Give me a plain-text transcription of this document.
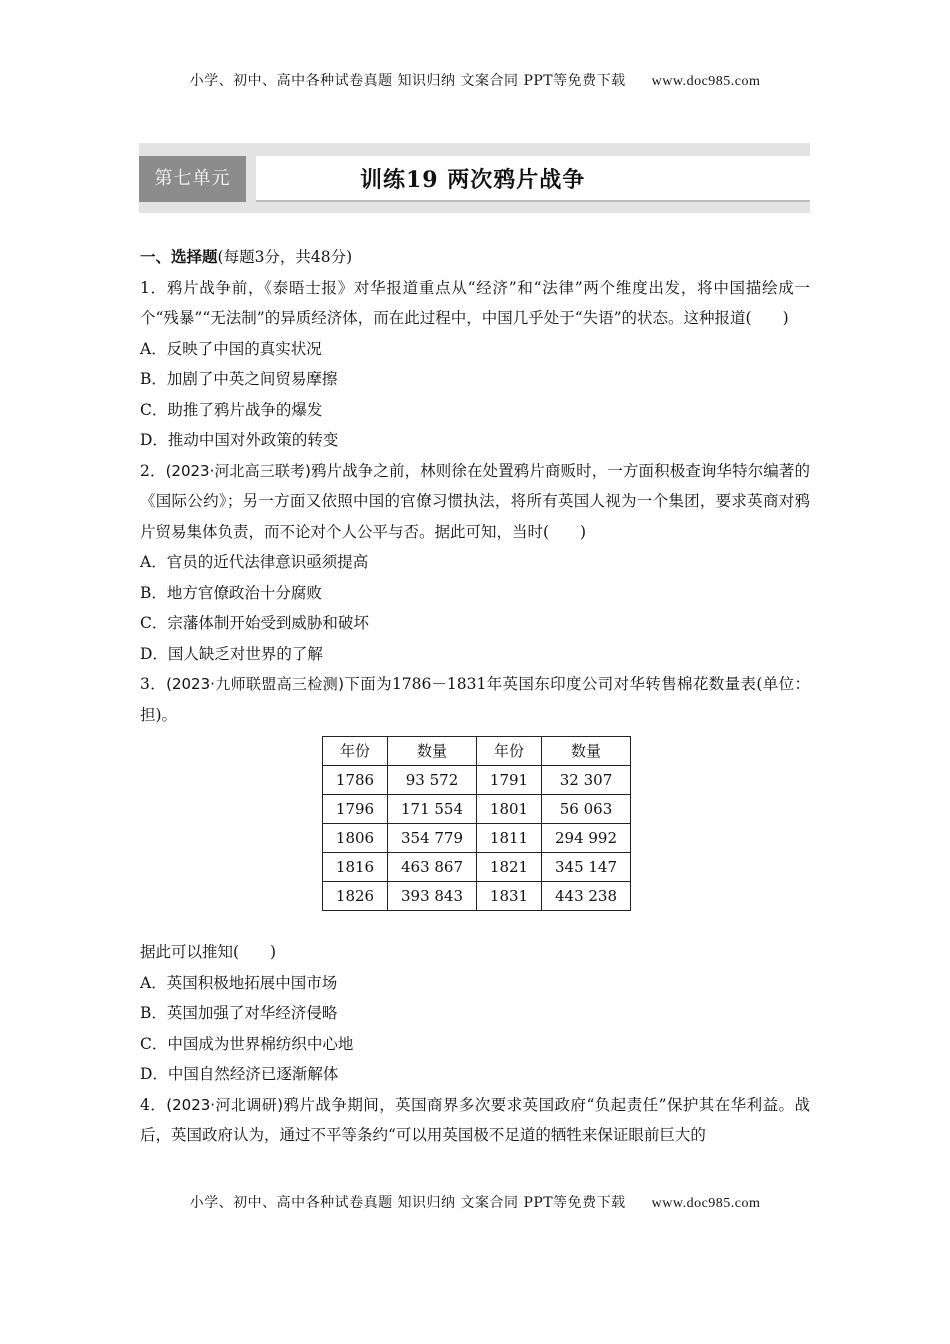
小学、初中、高中各种试卷真题 知识归纳 文案合同 PPT等免费下载 www.doc985.com
第七单元	训练19 两次鸦片战争

一、选择题(每题3分，共48分)

1．鸦片战争前，《泰晤士报》对华报道重点从“经济”和“法律”两个维度出发，将中国描绘成一个“残暴”“无法制”的异质经济体，而在此过程中，中国几乎处于“失语”的状态。这种报道(　　)

A．反映了中国的真实状况

B．加剧了中英之间贸易摩擦

C．助推了鸦片战争的爆发

D．推动中国对外政策的转变

2．(2023·河北高三联考)鸦片战争之前，林则徐在处置鸦片商贩时，一方面积极查询华特尔编著的《国际公约》；另一方面又依照中国的官僚习惯执法，将所有英国人视为一个集团，要求英商对鸦片贸易集体负责，而不论对个人公平与否。据此可知，当时(　　)

A．官员的近代法律意识亟须提高

B．地方官僚政治十分腐败

C．宗藩体制开始受到威胁和破坏

D．国人缺乏对世界的了解

3．(2023·九师联盟高三检测)下面为1786－1831年英国东印度公司对华转售棉花数量表(单位：担)。

年份	数量	年份	数量
1786	93 572	1791	32 307
1796	171 554	1801	56 063
1806	354 779	1811	294 992
1816	463 867	1821	345 147
1826	393 843	1831	443 238

据此可以推知(　　)

A．英国积极地拓展中国市场

B．英国加强了对华经济侵略

C．中国成为世界棉纺织中心地

D．中国自然经济已逐渐解体

4．(2023·河北调研)鸦片战争期间，英国商界多次要求英国政府“负起责任”保护其在华利益。战后，英国政府认为，通过不平等条约“可以用英国极不足道的牺牲来保证眼前巨大的

小学、初中、高中各种试卷真题 知识归纳 文案合同 PPT等免费下载 www.doc985.com
